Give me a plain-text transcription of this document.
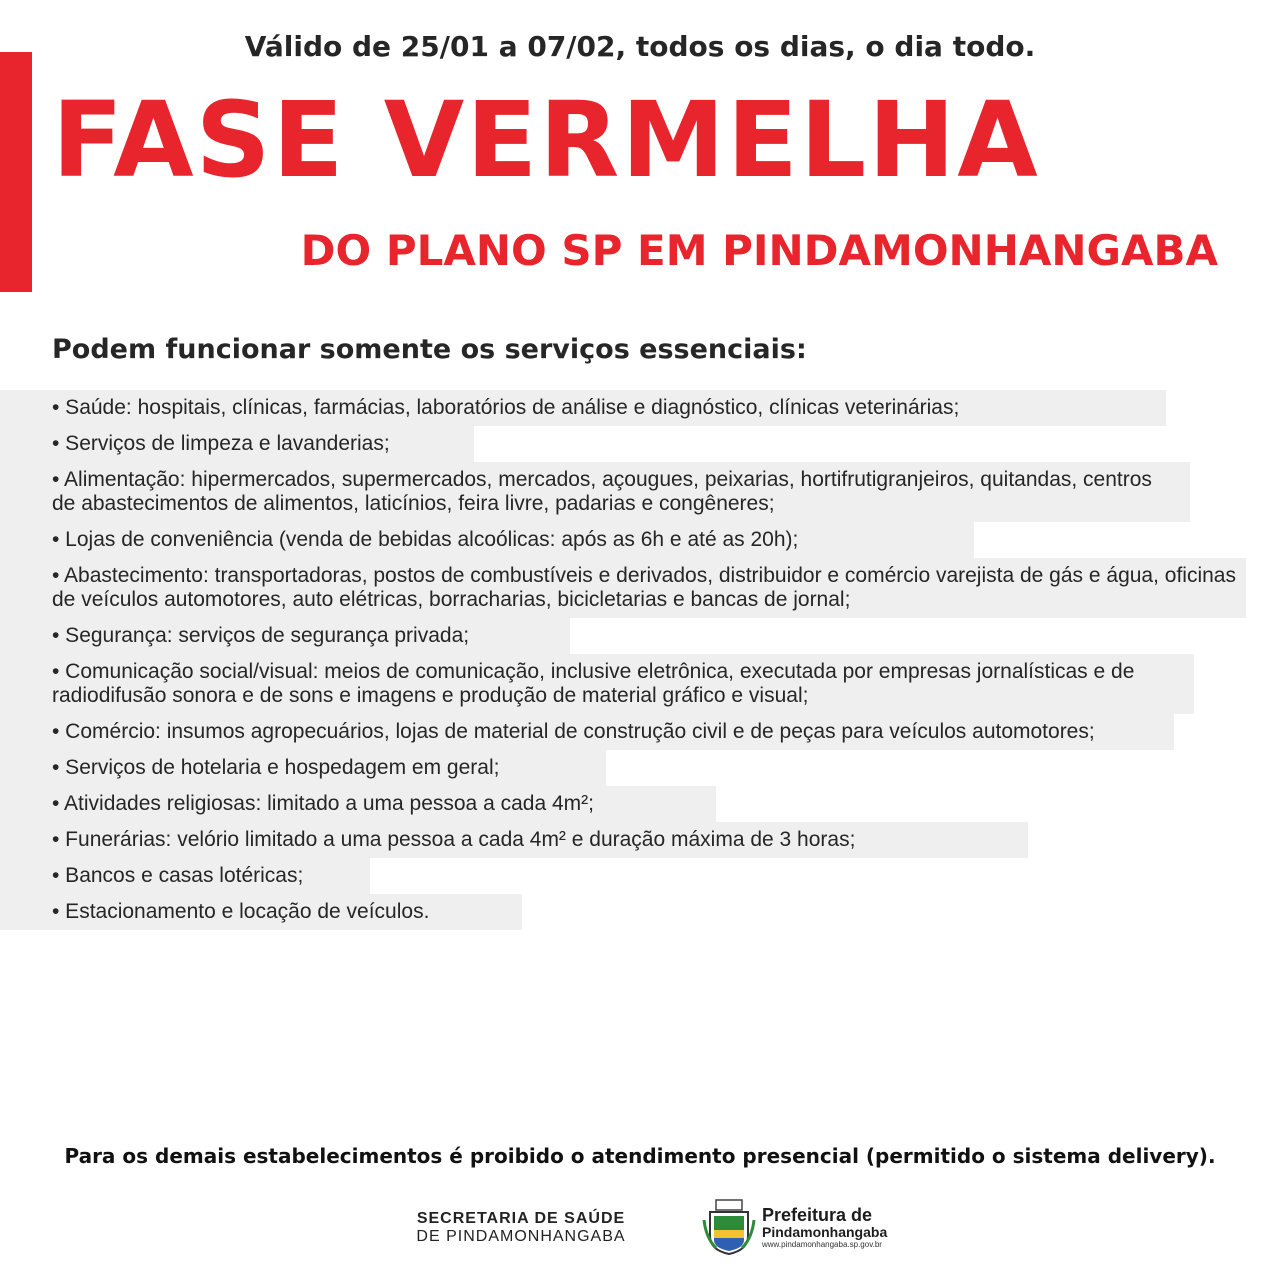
Válido de 25/01 a 07/02, todos os dias, o dia todo.
FASE VERMELHA
DO PLANO SP EM PINDAMONHANGABA
Podem funcionar somente os serviços essenciais:
• Saúde: hospitais, clínicas, farmácias, laboratórios de análise e diagnóstico, clínicas veterinárias;
• Serviços de limpeza e lavanderias;
• Alimentação: hipermercados, supermercados, mercados, açougues, peixarias, hortifrutigranjeiros, quitandas, centros de abastecimentos de alimentos, laticínios, feira livre, padarias e congêneres;
• Lojas de conveniência (venda de bebidas alcoólicas: após as 6h e até as 20h);
• Abastecimento: transportadoras, postos de combustíveis e derivados, distribuidor e comércio varejista de gás e água, oficinas de veículos automotores, auto elétricas, borracharias, bicicletarias e bancas de jornal;
• Segurança: serviços de segurança privada;
• Comunicação social/visual: meios de comunicação, inclusive eletrônica, executada por empresas jornalísticas e de radiodifusão sonora e de sons e imagens e produção de material gráfico e visual;
• Comércio: insumos agropecuários, lojas de material de construção civil e de peças para veículos automotores;
• Serviços de hotelaria e hospedagem em geral;
• Atividades religiosas: limitado a uma pessoa a cada 4m²;
• Funerárias: velório limitado a uma pessoa a cada 4m² e duração máxima de 3 horas;
• Bancos e casas lotéricas;
• Estacionamento e locação de veículos.
Para os demais estabelecimentos é proibido o atendimento presencial (permitido o sistema delivery).
SECRETARIA DE SAÚDE
DE PINDAMONHANGABA
Prefeitura de
Pindamonhangaba
www.pindamonhangaba.sp.gov.br
